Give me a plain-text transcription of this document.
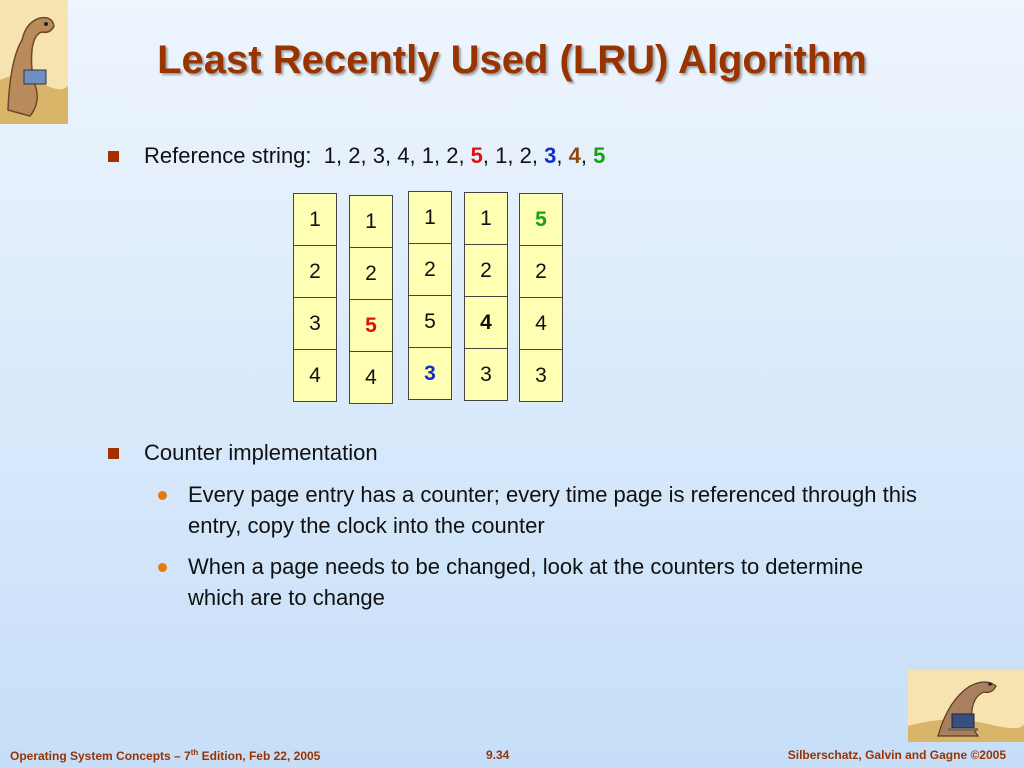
Least Recently Used (LRU) Algorithm
Reference string: 1, 2, 3, 4, 1, 2, 5, 1, 2, 3, 4, 5
1
2
3
4
1
2
5
4
1
2
5
3
1
2
4
3
5
2
4
3
Counter implementation
Every page entry has a counter; every time page is referenced through this entry, copy the clock into the counter
When a page needs to be changed, look at the counters to determine which are to change
Operating System Concepts – 7th Edition, Feb 22, 2005	9.34	Silberschatz, Galvin and Gagne ©2005
